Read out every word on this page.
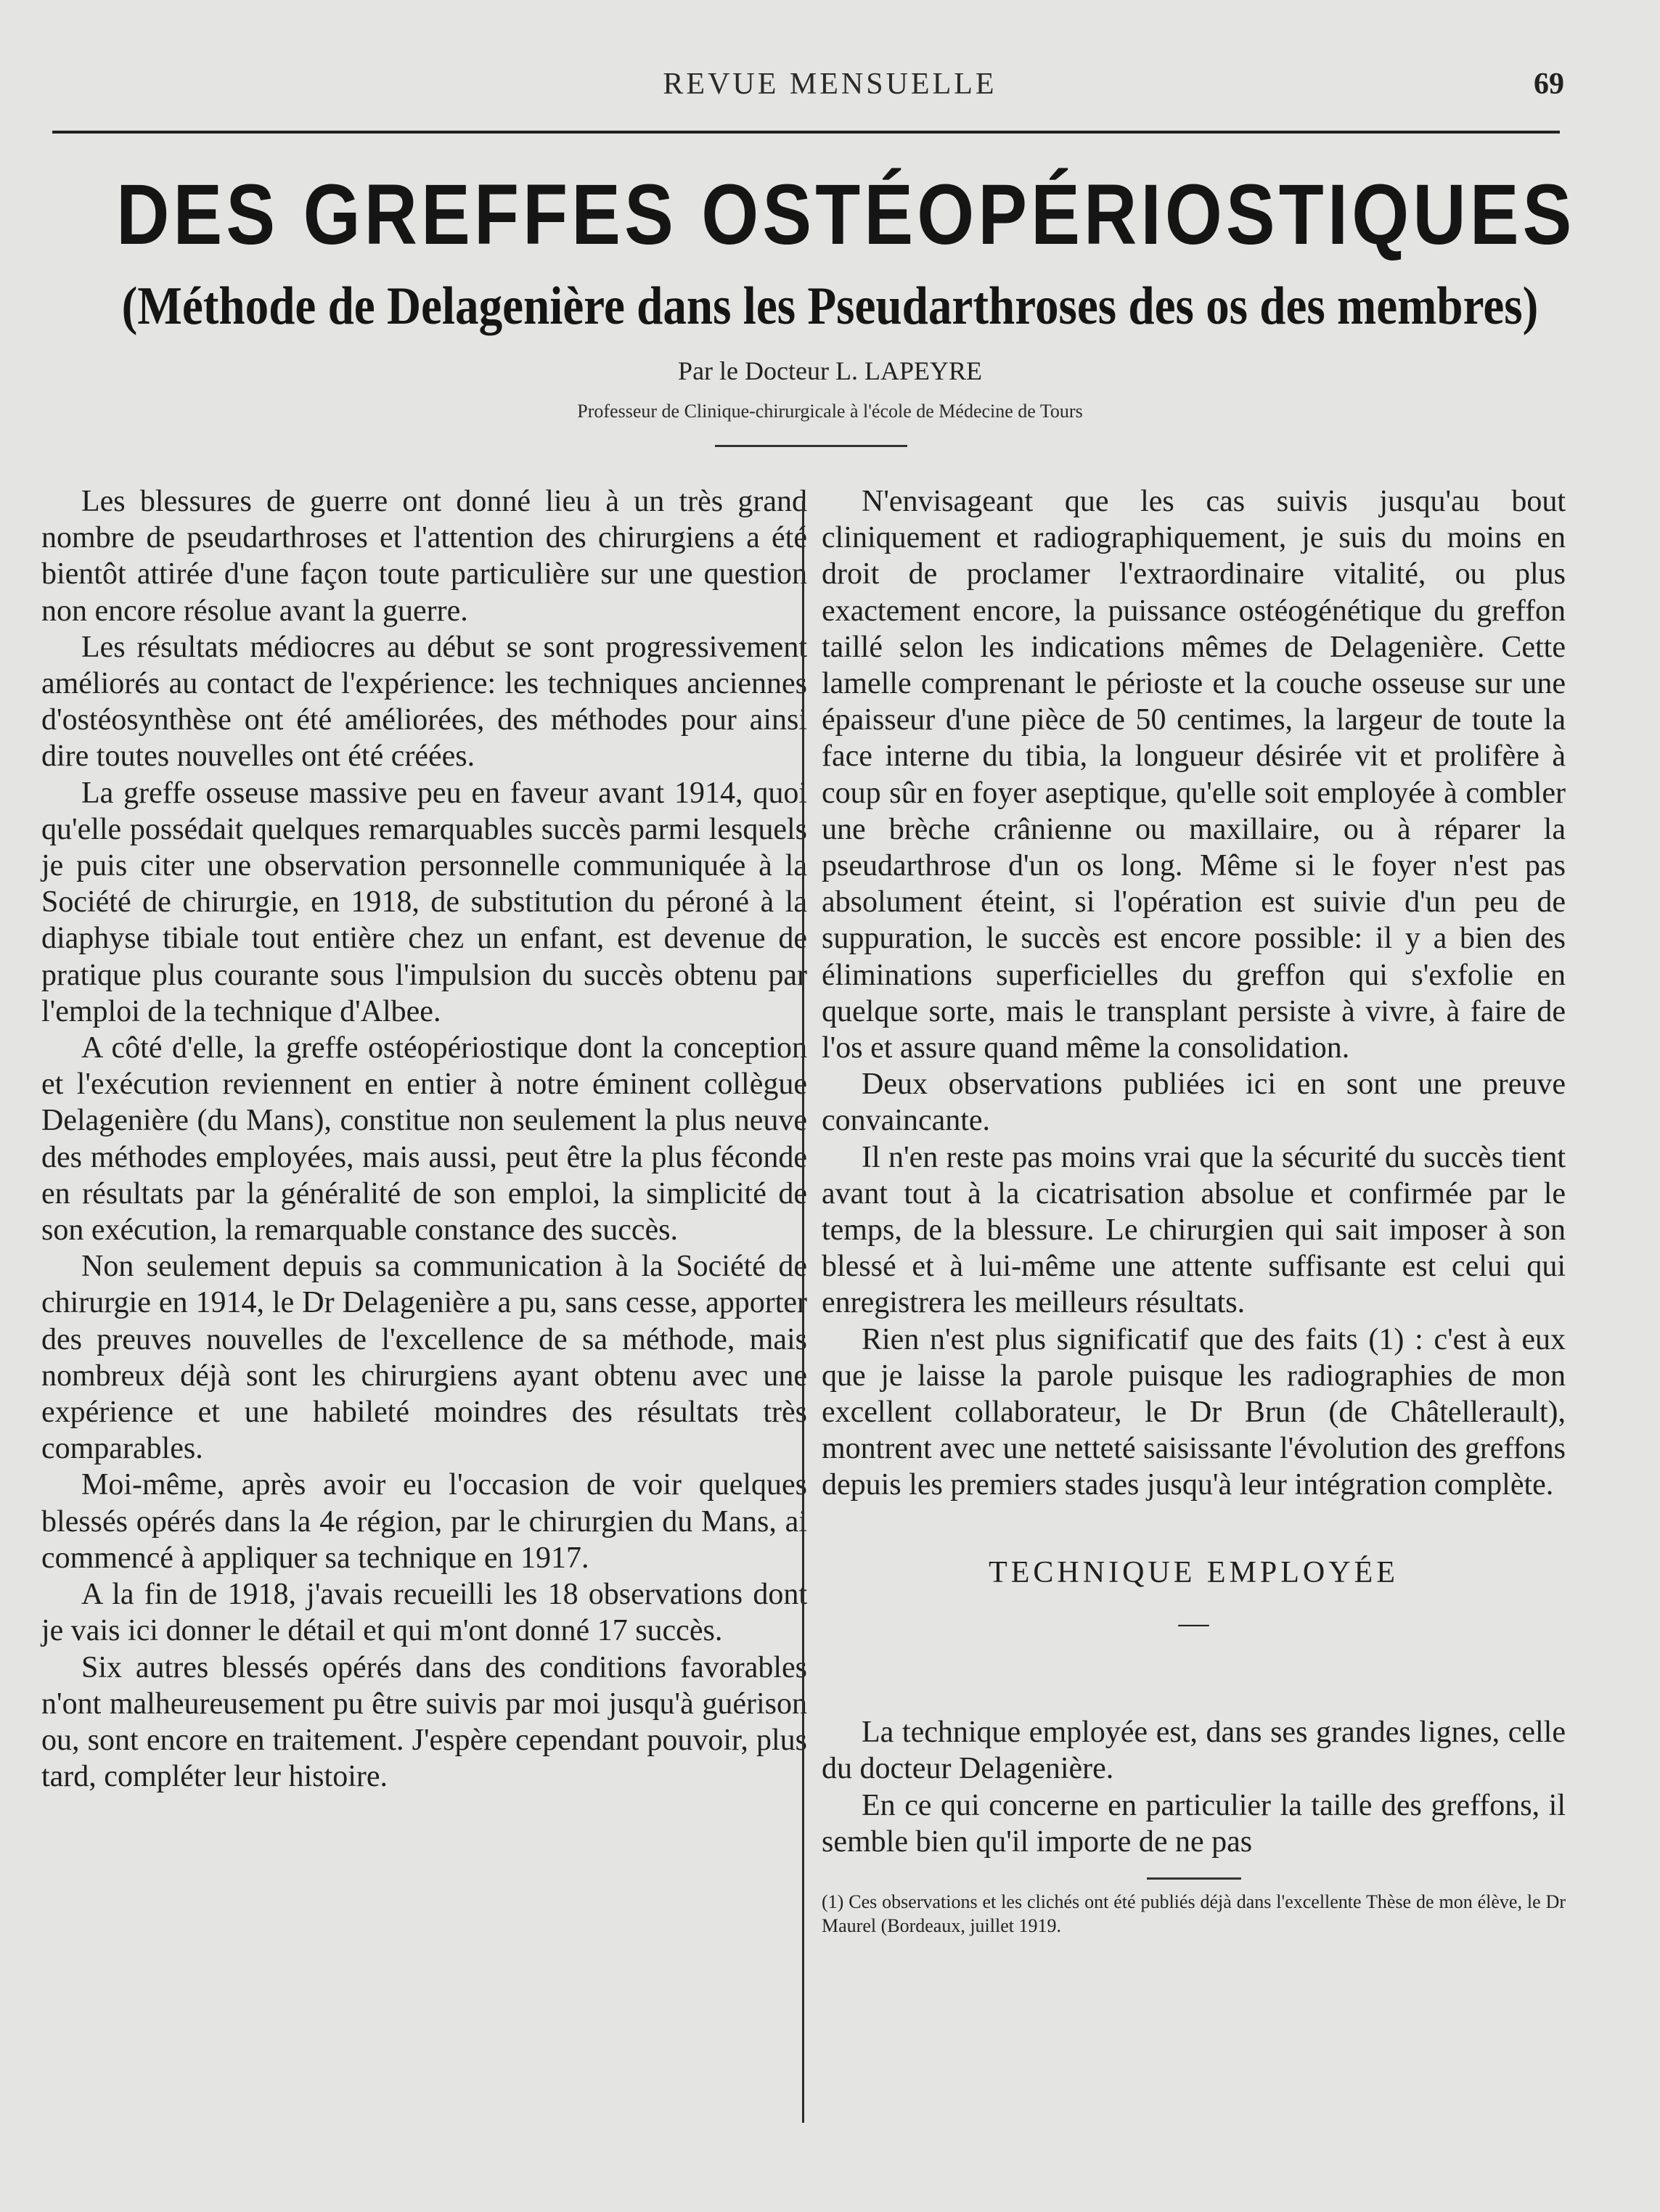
REVUE MENSUELLE	69
DES GREFFES OSTÉOPÉRIOSTIQUES
(Méthode de Delagenière dans les Pseudarthroses des os des membres)
Par le Docteur L. LAPEYRE
Professeur de Clinique-chirurgicale à l'école de Médecine de Tours

Les blessures de guerre ont donné lieu à un très grand nombre de pseudarthroses et l'attention des chirurgiens a été bientôt attirée d'une façon toute particulière sur une question non encore résolue avant la guerre.

Les résultats médiocres au début se sont progressivement améliorés au contact de l'expérience: les techniques anciennes d'ostéosynthèse ont été améliorées, des méthodes pour ainsi dire toutes nouvelles ont été créées.

La greffe osseuse massive peu en faveur avant 1914, quoi qu'elle possédait quelques remarquables succès parmi lesquels je puis citer une observation personnelle communiquée à la Société de chirurgie, en 1918, de substitution du péroné à la diaphyse tibiale tout entière chez un enfant, est devenue de pratique plus courante sous l'impulsion du succès obtenu par l'emploi de la technique d'Albee.

A côté d'elle, la greffe ostéopériostique dont la conception et l'exécution reviennent en entier à notre éminent collègue Delagenière (du Mans), constitue non seulement la plus neuve des méthodes employées, mais aussi, peut être la plus féconde en résultats par la généralité de son emploi, la simplicité de son exécution, la remarquable constance des succès.

Non seulement depuis sa communication à la Société de chirurgie en 1914, le Dr Delagenière a pu, sans cesse, apporter des preuves nouvelles de l'excellence de sa méthode, mais nombreux déjà sont les chirurgiens ayant obtenu avec une expérience et une habileté moindres des résultats très comparables.

Moi-même, après avoir eu l'occasion de voir quelques blessés opérés dans la 4e région, par le chirurgien du Mans, ai commencé à appliquer sa technique en 1917.

A la fin de 1918, j'avais recueilli les 18 observations dont je vais ici donner le détail et qui m'ont donné 17 succès.

Six autres blessés opérés dans des conditions favorables n'ont malheureusement pu être suivis par moi jusqu'à guérison ou, sont encore en traitement. J'espère cependant pouvoir, plus tard, compléter leur histoire.

N'envisageant que les cas suivis jusqu'au bout cliniquement et radiographiquement, je suis du moins en droit de proclamer l'extraordinaire vitalité, ou plus exactement encore, la puissance ostéogénétique du greffon taillé selon les indications mêmes de Delagenière. Cette lamelle comprenant le périoste et la couche osseuse sur une épaisseur d'une pièce de 50 centimes, la largeur de toute la face interne du tibia, la longueur désirée vit et prolifère à coup sûr en foyer aseptique, qu'elle soit employée à combler une brèche crânienne ou maxillaire, ou à réparer la pseudarthrose d'un os long. Même si le foyer n'est pas absolument éteint, si l'opération est suivie d'un peu de suppuration, le succès est encore possible: il y a bien des éliminations superficielles du greffon qui s'exfolie en quelque sorte, mais le transplant persiste à vivre, à faire de l'os et assure quand même la consolidation.

Deux observations publiées ici en sont une preuve convaincante.

Il n'en reste pas moins vrai que la sécurité du succès tient avant tout à la cicatrisation absolue et confirmée par le temps, de la blessure. Le chirurgien qui sait imposer à son blessé et à lui-même une attente suffisante est celui qui enregistrera les meilleurs résultats.

Rien n'est plus significatif que des faits (1) : c'est à eux que je laisse la parole puisque les radiographies de mon excellent collaborateur, le Dr Brun (de Châtellerault), montrent avec une netteté saisissante l'évolution des greffons depuis les premiers stades jusqu'à leur intégration complète.

TECHNIQUE EMPLOYÉE
—

La technique employée est, dans ses grandes lignes, celle du docteur Delagenière.

En ce qui concerne en particulier la taille des greffons, il semble bien qu'il importe de ne pas

(1) Ces observations et les clichés ont été publiés déjà dans l'excellente Thèse de mon élève, le Dr Maurel (Bordeaux, juillet 1919.
